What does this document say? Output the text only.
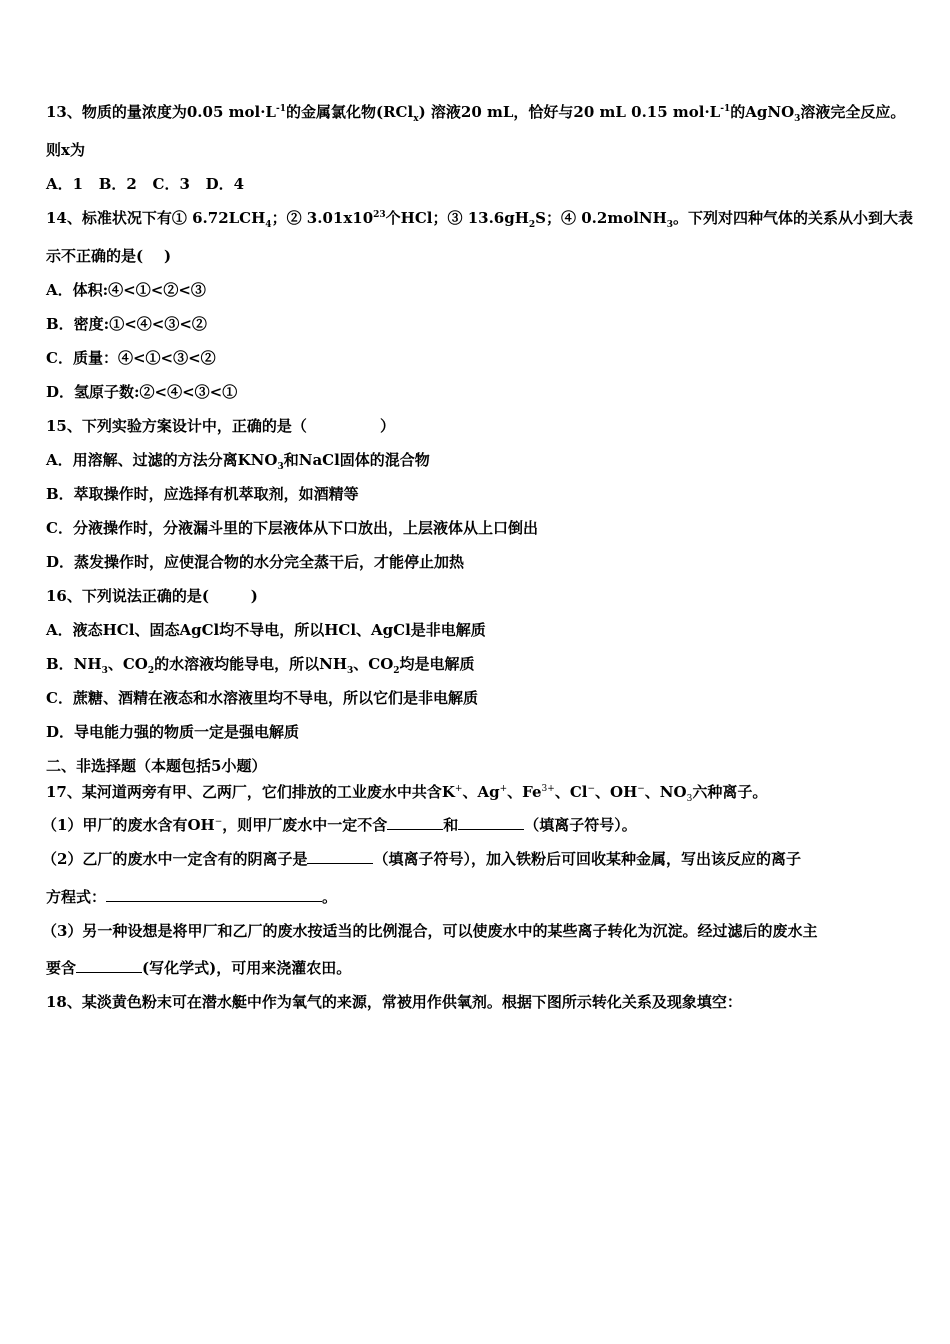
13、物质的量浓度为0.05 $mol\cdot L^{-1}$的金属氯化物(RCl$_x$) 溶液20 mL，恰好与20 mL 0.15 $mol\cdot L^{-1}$的AgNO$_3$溶液完全反应。
则x为
A．1   B．2   C．3   D．4
14、标准状况下有① $6.72LCH_4$；② $3.01x10^{23}$个HCl；③ $13.6gH_2S$；④ 0.2molNH$_3$。下列对四种气体的关系从小到大表
示不正确的是(    )
A．体积:④<①<②<③
B．密度:①<④<③<②
C．质量：④<①<③<②
D．氢原子数:②<④<③<①
15、下列实验方案设计中，正确的是（              ）
A．用溶解、过滤的方法分离$KNO_3$和NaCl固体的混合物
B．萃取操作时，应选择有机萃取剂，如酒精等
C．分液操作时，分液漏斗里的下层液体从下口放出，上层液体从上口倒出
D．蒸发操作时，应使混合物的水分完全蒸干后，才能停止加热
16、下列说法正确的是(        )
A．液态HCl、固态AgCl均不导电，所以HCl、AgCl是非电解质
B．$NH_3$、$CO_2$的水溶液均能导电，所以$NH_3$、$CO_2$均是电解质
C．蔗糖、酒精在液态和水溶液里均不导电，所以它们是非电解质
D．导电能力强的物质一定是强电解质
二、非选择题（本题包括5小题）
17、某河道两旁有甲、乙两厂，它们排放的工业废水中共含K+、Ag+、$Fe^{3+}$、Cl−、OH−、$NO_3$六种离子。
（1）甲厂的废水含有OH−，则甲厂废水中一定不含	和	（填离子符号）。
（2）乙厂的废水中一定含有的阴离子是	（填离子符号），加入铁粉后可回收某种金属，写出该反应的离子
方程式：	。
（3）另一种设想是将甲厂和乙厂的废水按适当的比例混合，可以使废水中的某些离子转化为沉淀。经过滤后的废水主
要含	(写化学式)，可用来浇灌农田。
18、某淡黄色粉末可在潜水艇中作为氧气的来源，常被用作供氧剂。根据下图所示转化关系及现象填空：
